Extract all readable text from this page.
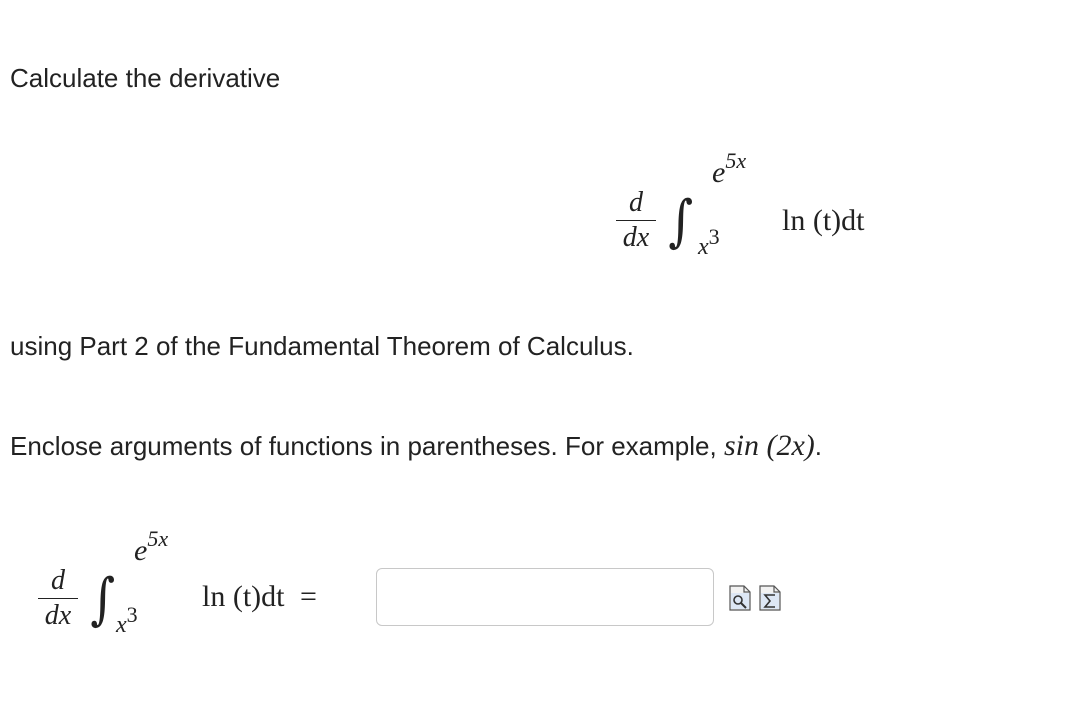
Calculate the derivative
d
dx ∫
$e^{5x}$
$x^3$ ln (t)dt
using Part 2 of the Fundamental Theorem of Calculus.
Enclose arguments of functions in parentheses. For example, sin (2x).
d
dx ∫
$e^{5x}$
$x^3$
ln (t)dt =
